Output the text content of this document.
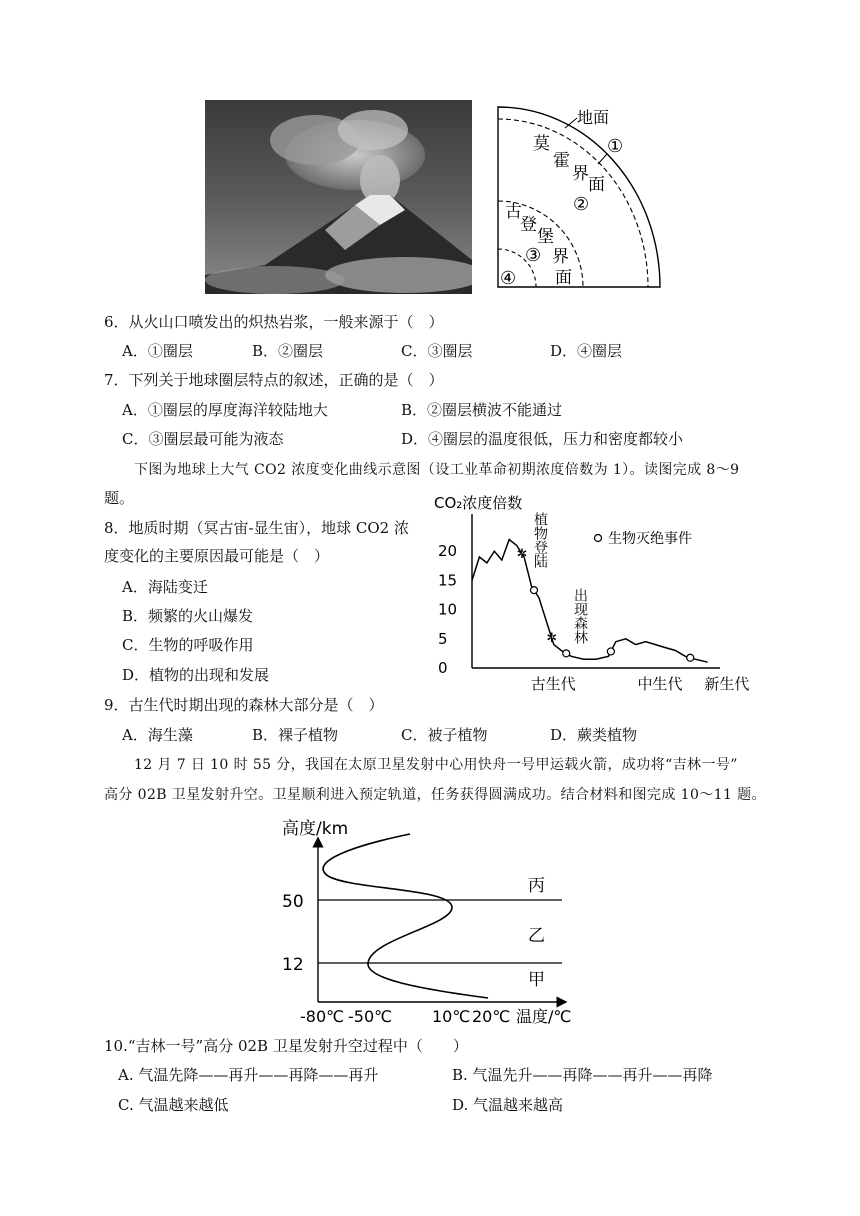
地面
莫
霍
界
面
①
②
古
登
堡
③ 界
面
④
6．从火山口喷发出的炽热岩浆，一般来源于（　）
A．①圈层	B．②圈层	C．③圈层	D．④圈层
7．下列关于地球圈层特点的叙述，正确的是（　）
A．①圈层的厚度海洋较陆地大	B．②圈层横波不能通过
C．③圈层最可能为液态	D．④圈层的温度很低，压力和密度都较小
下图为地球上大气 CO2 浓度变化曲线示意图（设工业革命初期浓度倍数为 1）。读图完成 8～9
题。
8．地质时期（冥古宙-显生宙），地球 CO2 浓
度变化的主要原因最可能是（　）
A．海陆变迁
B．频繁的火山爆发
C．生物的呼吸作用
D．植物的出现和发展
CO₂浓度倍数
20
15
10
5
0
古生代	中生代 新生代
✲
✲
植物登陆
出现森林
生物灭绝事件
9．古生代时期出现的森林大部分是（　）
A．海生藻	B．裸子植物	C．被子植物	D．蕨类植物
12 月 7 日 10 时 55 分，我国在太原卫星发射中心用快舟一号甲运载火箭，成功将“吉林一号”
高分 02B 卫星发射升空。卫星顺利进入预定轨道，任务获得圆满成功。结合材料和图完成 10～11 题。
高度/km
50
12
丙
乙
甲
-80℃ -50℃ 10℃ 20℃ 温度/℃
10.“吉林一号”高分 02B 卫星发射升空过程中（　　）
A. 气温先降——再升——再降——再升	B. 气温先升——再降——再升——再降
C. 气温越来越低	D. 气温越来越高
